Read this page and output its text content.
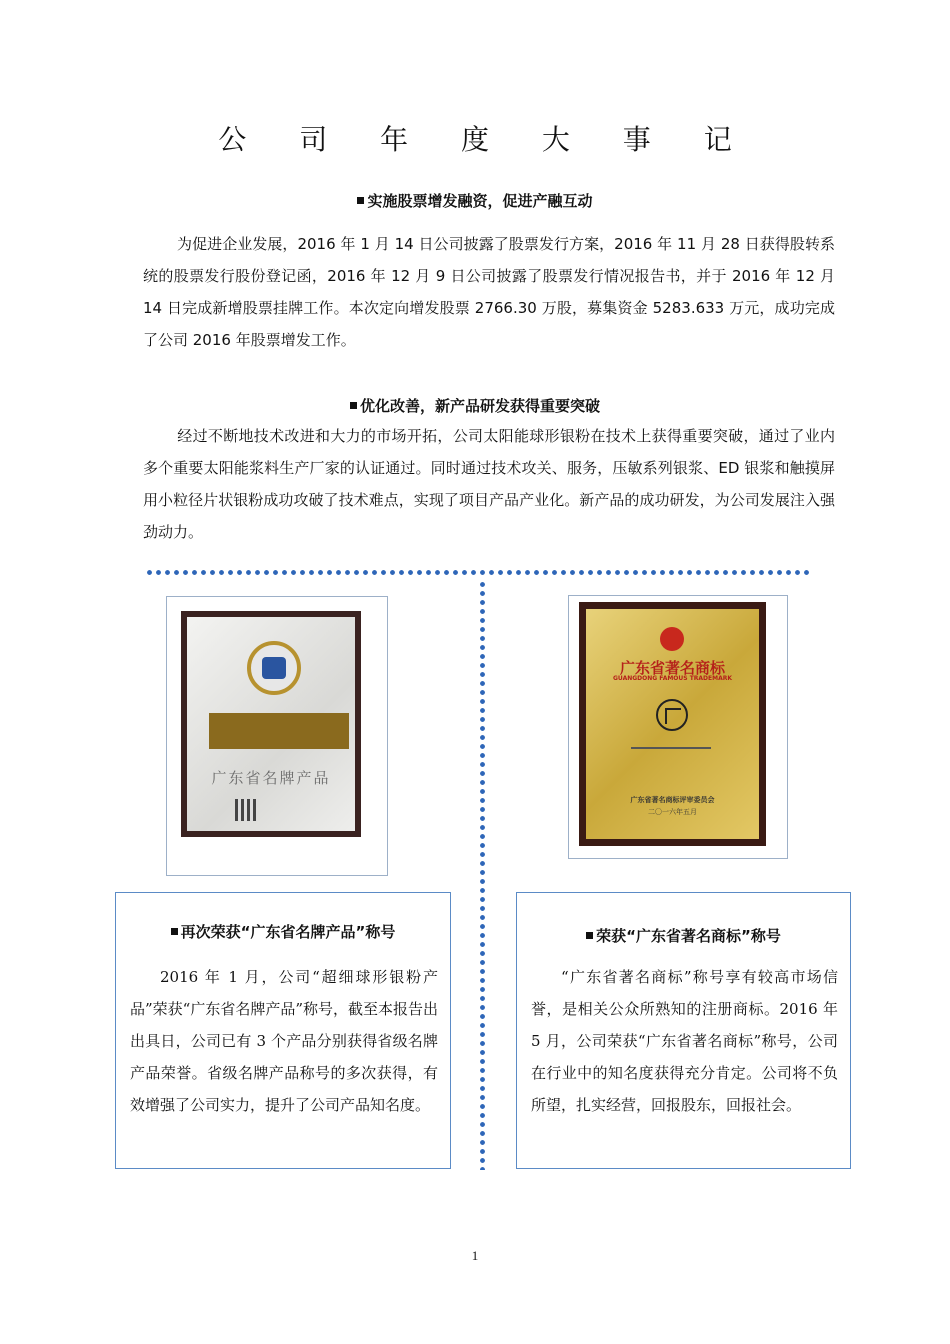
公 司 年 度 大 事 记
实施股票增发融资，促进产融互动
为促进企业发展，2016 年 1 月 14 日公司披露了股票发行方案，2016 年 11 月 28 日获得股转系统的股票发行股份登记函，2016 年 12 月 9 日公司披露了股票发行情况报告书，并于 2016 年 12 月 14 日完成新增股票挂牌工作。本次定向增发股票 2766.30 万股，募集资金 5283.633 万元，成功完成了公司 2016 年股票增发工作。
优化改善，新产品研发获得重要突破
经过不断地技术改进和大力的市场开拓，公司太阳能球形银粉在技术上获得重要突破，通过了业内多个重要太阳能浆料生产厂家的认证通过。同时通过技术攻关、服务，压敏系列银浆、ED 银浆和触摸屏用小粒径片状银粉成功攻破了技术难点，实现了项目产品产业化。新产品的成功研发，为公司发展注入强劲动力。
广东省名牌产品
广东省著名商标
GUANGDONG FAMOUS TRADEMARK
广东省著名商标评审委员会
二〇一六年五月
再次荣获“广东省名牌产品”称号
2016 年 1 月，公司“超细球形银粉产品”荣获“广东省名牌产品”称号，截至本报告出出具日，公司已有 3 个产品分别获得省级名牌产品荣誉。省级名牌产品称号的多次获得，有效增强了公司实力，提升了公司产品知名度。
荣获“广东省著名商标”称号
“广东省著名商标”称号享有较高市场信誉，是相关公众所熟知的注册商标。2016 年 5 月，公司荣获“广东省著名商标”称号，公司在行业中的知名度获得充分肯定。公司将不负所望，扎实经营，回报股东，回报社会。
1
